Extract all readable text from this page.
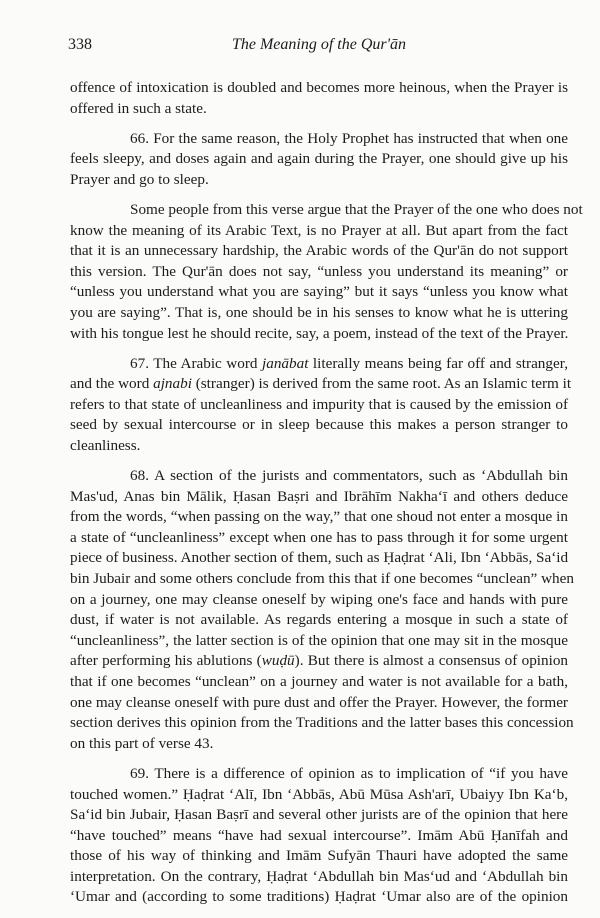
338	The Meaning of the Qur'ān
offence of intoxication is doubled and becomes more heinous, when the Prayer is
offered in such a state.
66. For the same reason, the Holy Prophet has instructed that when one
feels sleepy, and doses again and again during the Prayer, one should give up his
Prayer and go to sleep.
Some people from this verse argue that the Prayer of the one who does not
know the meaning of its Arabic Text, is no Prayer at all. But apart from the fact
that it is an unnecessary hardship, the Arabic words of the Qur'ān do not support
this version. The Qur'ān does not say, “unless you understand its meaning” or
“unless you understand what you are saying” but it says “unless you know what
you are saying”. That is, one should be in his senses to know what he is uttering
with his tongue lest he should recite, say, a poem, instead of the text of the Prayer.
67. The Arabic word janābat literally means being far off and stranger,
and the word ajnabi (stranger) is derived from the same root. As an Islamic term it
refers to that state of uncleanliness and impurity that is caused by the emission of
seed by sexual intercourse or in sleep because this makes a person stranger to
cleanliness.
68. A section of the jurists and commentators, such as ‘Abdullah bin
Mas'ud, Anas bin Mālik, Ḥasan Baṣri and Ibrāhīm Nakha‘ī and others deduce
from the words, “when passing on the way,” that one shoud not enter a mosque in
a state of “uncleanliness” except when one has to pass through it for some urgent
piece of business. Another section of them, such as Ḥaḍrat ‘Ali, Ibn ‘Abbās, Sa‘id
bin Jubair and some others conclude from this that if one becomes “unclean” when
on a journey, one may cleanse oneself by wiping one's face and hands with pure
dust, if water is not available. As regards entering a mosque in such a state of
“uncleanliness”, the latter section is of the opinion that one may sit in the mosque
after performing his ablutions (wuḍū). But there is almost a consensus of opinion
that if one becomes “unclean” on a journey and water is not available for a bath,
one may cleanse oneself with pure dust and offer the Prayer. However, the former
section derives this opinion from the Traditions and the latter bases this concession
on this part of verse 43.
69. There is a difference of opinion as to implication of “if you have
touched women.” Ḥaḍrat ‘Alī, Ibn ‘Abbās, Abū Mūsa Ash'arī, Ubaiyy Ibn Ka‘b,
Sa‘id bin Jubair, Ḥasan Baṣrī and several other jurists are of the opinion that here
“have touched” means “have had sexual intercourse”. Imām Abū Ḥanīfah and
those of his way of thinking and Imām Sufyān Thauri have adopted the same
interpretation. On the contrary, Ḥaḍrat ‘Abdullah bin Mas‘ud and ‘Abdullah bin
‘Umar and (according to some traditions) Ḥaḍrat ‘Umar also are of the opinion
